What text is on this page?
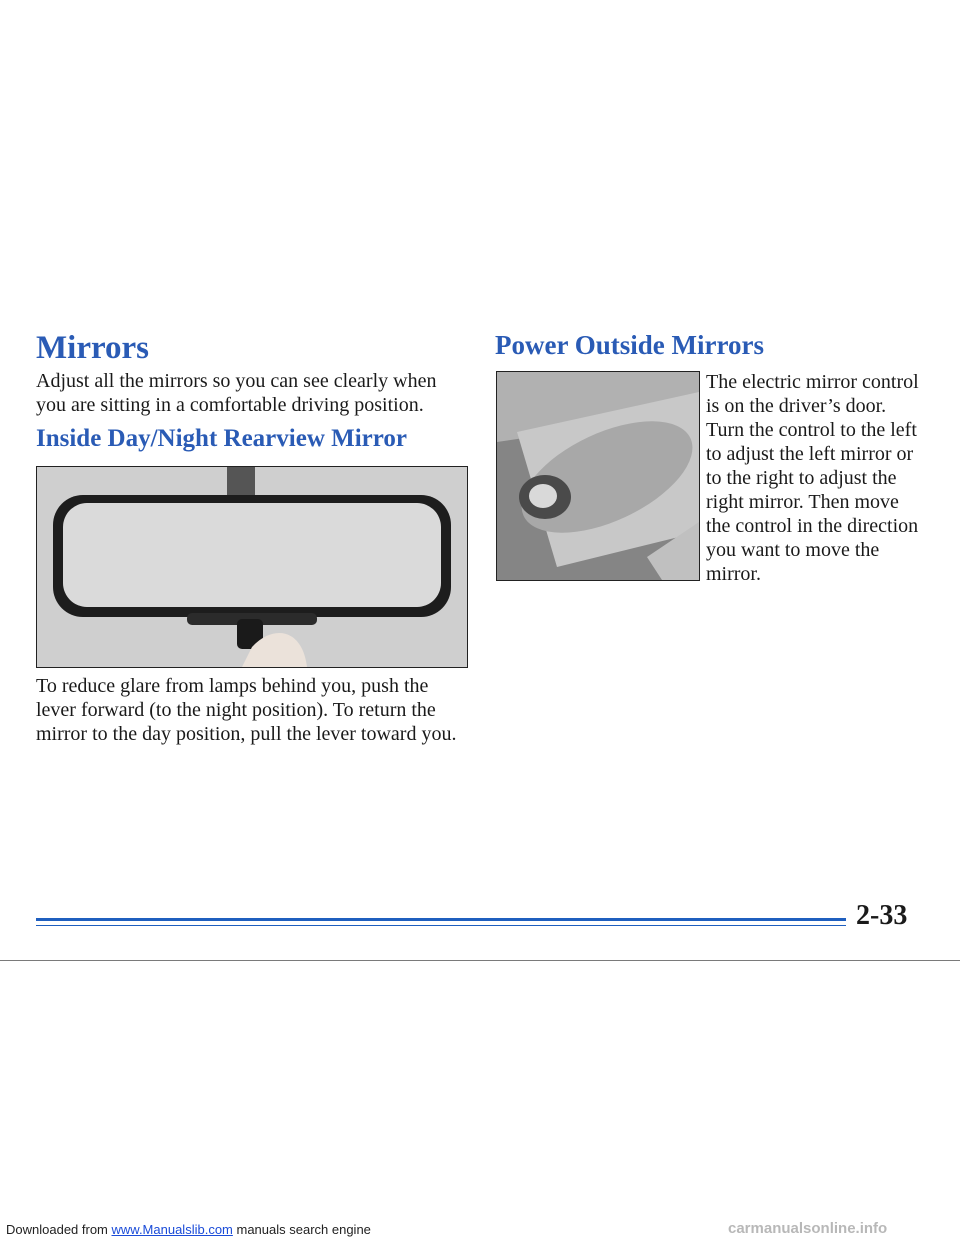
Mirrors

Adjust all the mirrors so you can see clearly when you are sitting in a comfortable driving position.

Inside Day/Night Rearview Mirror

To reduce glare from lamps behind you, push the lever forward (to the night position). To return the mirror to the day position, pull the lever toward you.

Power Outside Mirrors

The electric mirror control is on the driver’s door. Turn the control to the left to adjust the left mirror or to the right to adjust the right mirror. Then move the control in the direction you want to move the mirror.

2-33
Downloaded from www.Manualslib.com manuals search engine	carmanualsonline.info
